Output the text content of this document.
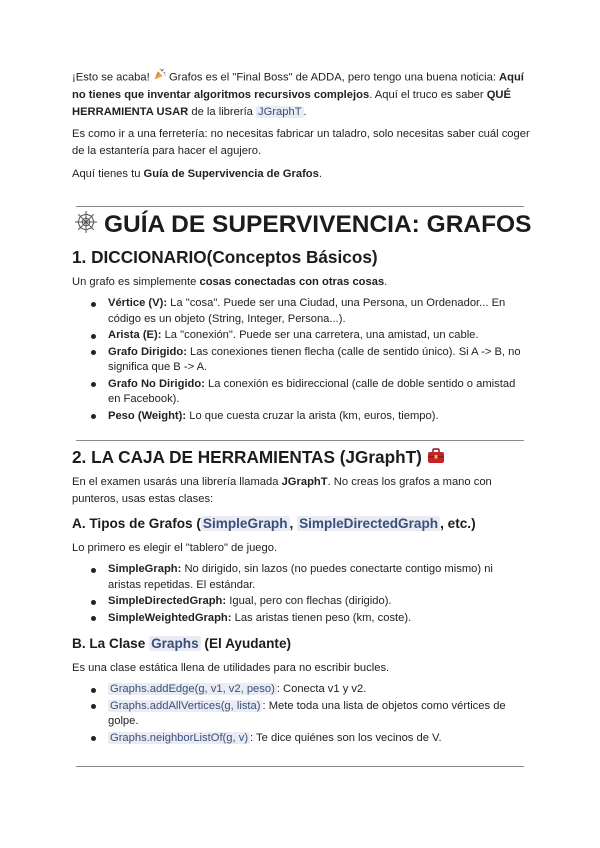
¡Esto se acaba!  Grafos es el "Final Boss" de ADDA, pero tengo una buena noticia: Aquí no tienes que inventar algoritmos recursivos complejos. Aquí el truco es saber QUÉ HERRAMIENTA USAR de la librería JGraphT .

Es como ir a una ferretería: no necesitas fabricar un taladro, solo necesitas saber cuál coger de la estantería para hacer el agujero.

Aquí tienes tu Guía de Supervivencia de Grafos.

GUÍA DE SUPERVIVENCIA: GRAFOS
1. DICCIONARIO(Conceptos Básicos)

Un grafo es simplemente cosas conectadas con otras cosas.

Vértice (V): La "cosa". Puede ser una Ciudad, una Persona, un Ordenador... En código es un objeto (String, Integer, Persona...).
Arista (E): La "conexión". Puede ser una carretera, una amistad, un cable.
Grafo Dirigido: Las conexiones tienen flecha (calle de sentido único). Si A -> B, no significa que B -> A.
Grafo No Dirigido: La conexión es bidireccional (calle de doble sentido o amistad en Facebook).
Peso (Weight): Lo que cuesta cruzar la arista (km, euros, tiempo).
2. LA CAJA DE HERRAMIENTAS (JGraphT)

En el examen usarás una librería llamada JGraphT. No creas los grafos a mano con punteros, usas estas clases:

A. Tipos de Grafos ( SimpleGraph , SimpleDirectedGraph , etc.)

Lo primero es elegir el "tablero" de juego.

SimpleGraph: No dirigido, sin lazos (no puedes conectarte contigo mismo) ni aristas repetidas. El estándar.
SimpleDirectedGraph: Igual, pero con flechas (dirigido).
SimpleWeightedGraph: Las aristas tienen peso (km, coste).
B. La Clase Graphs (El Ayudante)

Es una clase estática llena de utilidades para no escribir bucles.

Graphs.addEdge(g, v1, v2, peso) : Conecta v1 y v2.
Graphs.addAllVertices(g, lista) : Mete toda una lista de objetos como vértices de golpe.
Graphs.neighborListOf(g, v) : Te dice quiénes son los vecinos de V.
